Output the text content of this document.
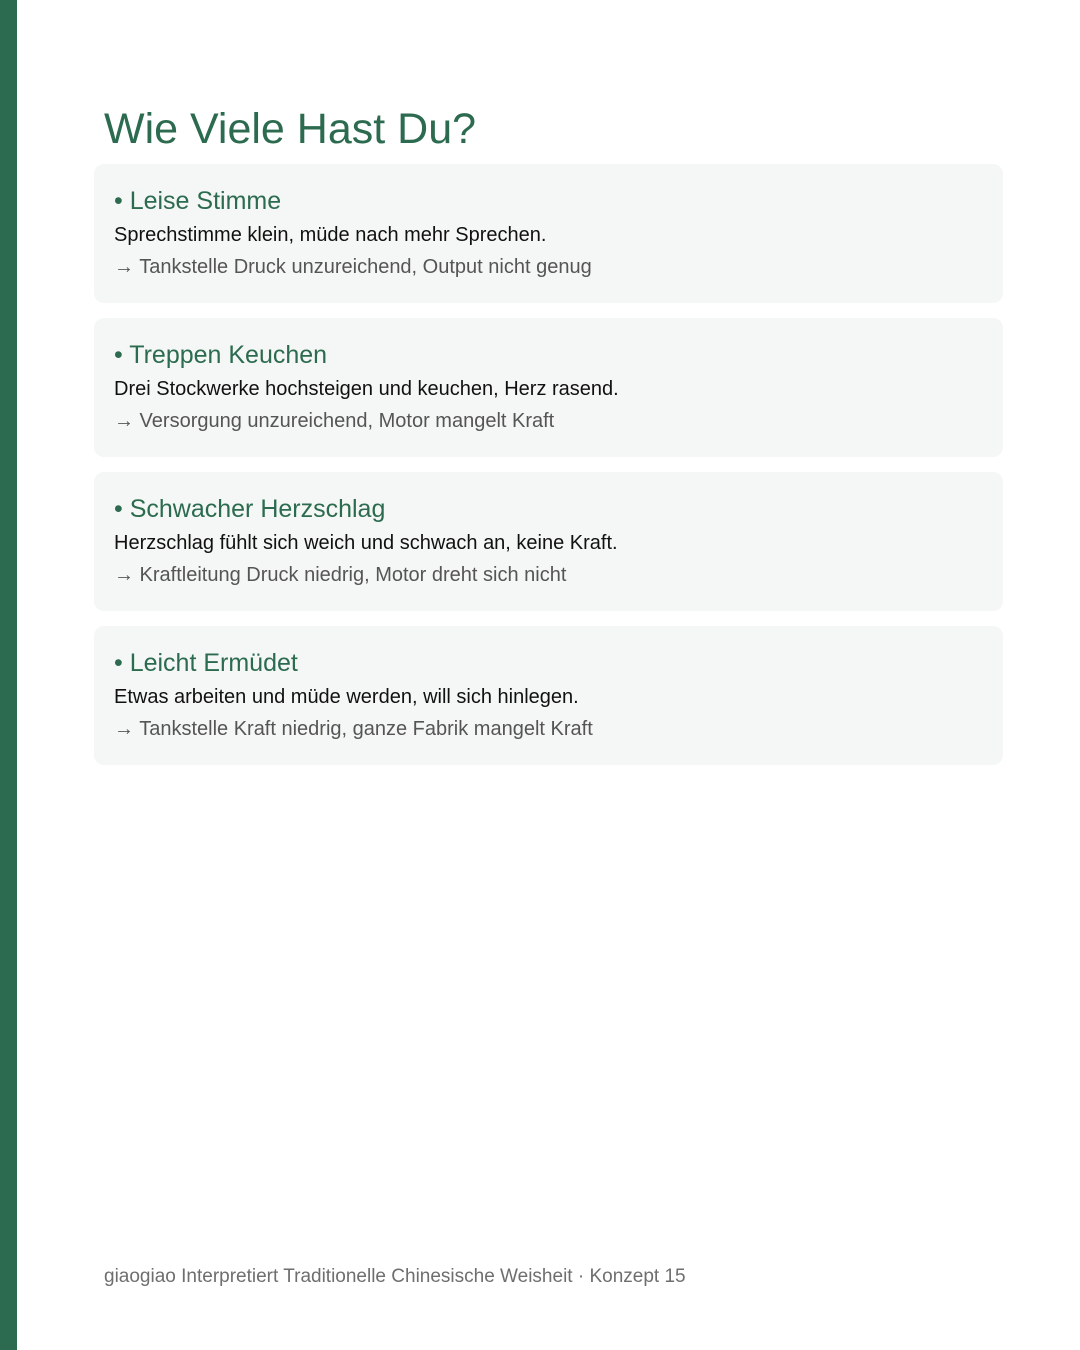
Wie Viele Hast Du?
• Leise Stimme
Sprechstimme klein, müde nach mehr Sprechen.
→ Tankstelle Druck unzureichend, Output nicht genug
• Treppen Keuchen
Drei Stockwerke hochsteigen und keuchen, Herz rasend.
→ Versorgung unzureichend, Motor mangelt Kraft
• Schwacher Herzschlag
Herzschlag fühlt sich weich und schwach an, keine Kraft.
→ Kraftleitung Druck niedrig, Motor dreht sich nicht
• Leicht Ermüdet
Etwas arbeiten und müde werden, will sich hinlegen.
→ Tankstelle Kraft niedrig, ganze Fabrik mangelt Kraft
giaogiao Interpretiert Traditionelle Chinesische Weisheit · Konzept 15
